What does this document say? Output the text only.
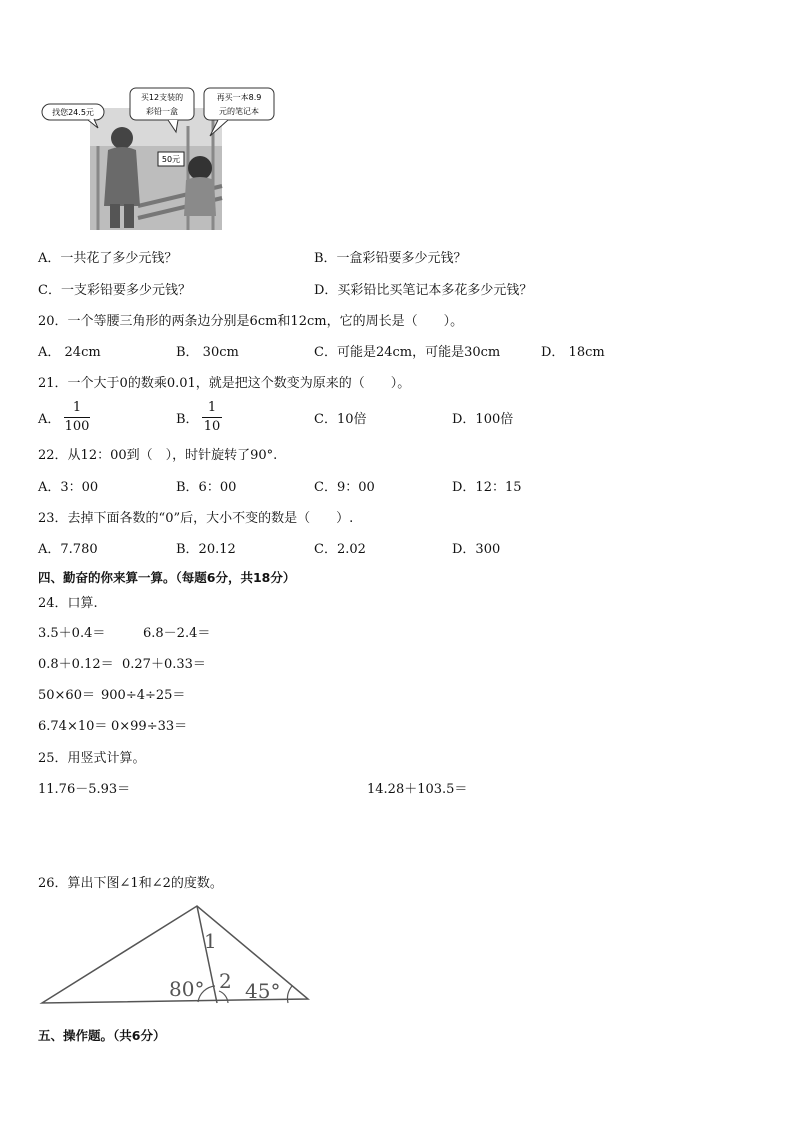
50元
找您24.5元
买12支装的
彩铅一盒
再买一本8.9
元的笔记本
A．一共花了多少元钱？	B．一盒彩铅要多少元钱？
C．一支彩铅要多少元钱？	D．买彩铅比买笔记本多花多少元钱？
20．一个等腰三角形的两条边分别是6cm和12cm，它的周长是（　　）。
A． 24cm	B． 30cm	C．可能是24cm，可能是30cm	D． 18cm
21．一个大于0的数乘0.01，就是把这个数变为原来的（　　）。
A．
1
100	B．
1
10	C．10倍	D．100倍
22．从12：00到（　），时针旋转了90°.
A．3：00	B．6：00	C．9：00	D．12：15
23．去掉下面各数的“0”后，大小不变的数是（　　）.
A．7.780	B．20.12	C．2.02	D．300
四、勤奋的你来算一算。（每题6分，共18分）
24．口算.
3.5＋0.4＝	6.8－2.4＝
0.8＋0.12＝ 0.27＋0.33＝
50×60＝ 900÷4÷25＝
6.74×10＝ 0×99÷33＝
25．用竖式计算。
11.76－5.93＝	14.28＋103.5＝
26．算出下图∠1和∠2的度数。
1
2
80° 45°
五、操作题。（共6分）
